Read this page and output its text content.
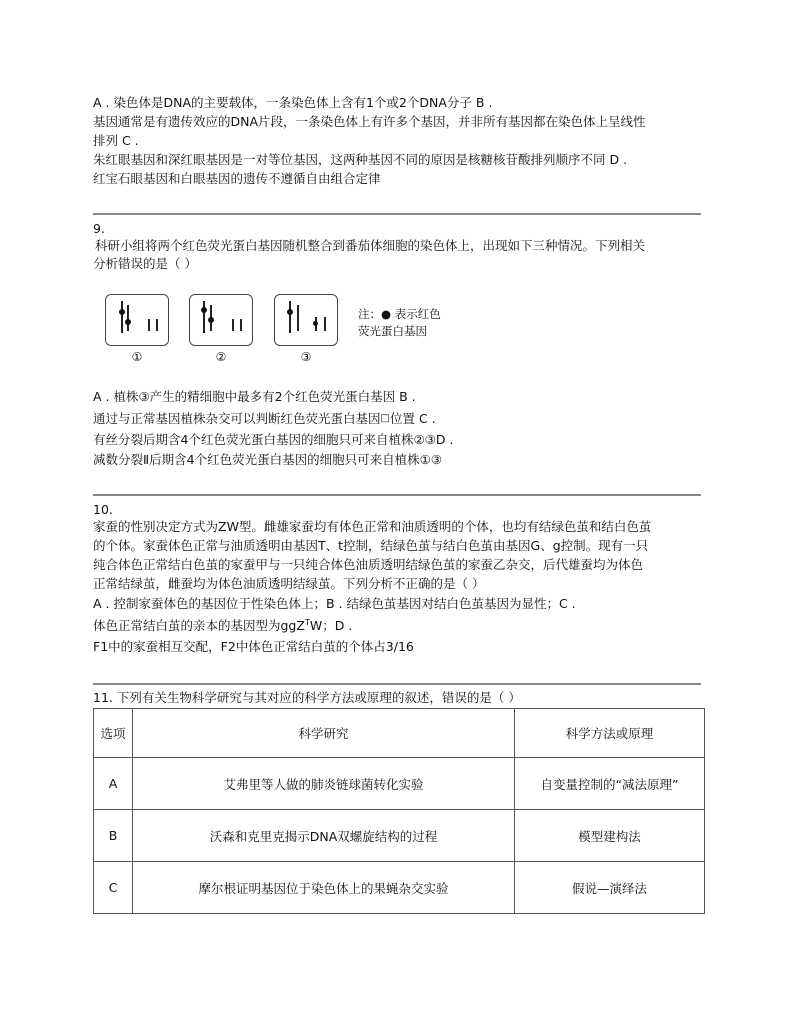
A . 染色体是DNA的主要载体，一条染色体上含有1个或2个DNA分子 B .
基因通常是有遗传效应的DNA片段，一条染色体上有许多个基因，并非所有基因都在染色体上呈线性
排列 C .
朱红眼基因和深红眼基因是一对等位基因，这两种基因不同的原因是核糖核苷酸排列顺序不同 D .
红宝石眼基因和白眼基因的遗传不遵循自由组合定律
9.
科研小组将两个红色荧光蛋白基因随机整合到番茄体细胞的染色体上，出现如下三种情况。下列相关
分析错误的是（ ）
①	②	③
注：● 表示红色
荧光蛋白基因
A . 植株③产生的精细胞中最多有2个红色荧光蛋白基因 B .
通过与正常基因植株杂交可以判断红色荧光蛋白基因□位置 C .
有丝分裂后期含4个红色荧光蛋白基因的细胞只可来自植株②③D .
减数分裂Ⅱ后期含4个红色荧光蛋白基因的细胞只可来自植株①③
10.
家蚕的性别决定方式为ZW型。雌雄家蚕均有体色正常和油质透明的个体，也均有结绿色茧和结白色茧
的个体。家蚕体色正常与油质透明由基因T、t控制，结绿色茧与结白色茧由基因G、g控制。现有一只
纯合体色正常结白色茧的家蚕甲与一只纯合体色油质透明结绿色茧的家蚕乙杂交，后代雄蚕均为体色
正常结绿茧，雌蚕均为体色油质透明结绿茧。下列分析不正确的是（ ）
A . 控制家蚕体色的基因位于性染色体上；B . 结绿色茧基因对结白色茧基因为显性；C .
体色正常结白茧的亲本的基因型为ggZ$^T$W；D .
F1中的家蚕相互交配，F2中体色正常结白茧的个体占3/16
11. 下列有关生物科学研究与其对应的科学方法或原理的叙述，错误的是（ ）
选项	科学研究	科学方法或原理
A	艾弗里等人做的肺炎链球菌转化实验	自变量控制的“减法原理”
B	沃森和克里克揭示DNA双螺旋结构的过程	模型建构法
C	摩尔根证明基因位于染色体上的果蝇杂交实验	假说—演绎法
